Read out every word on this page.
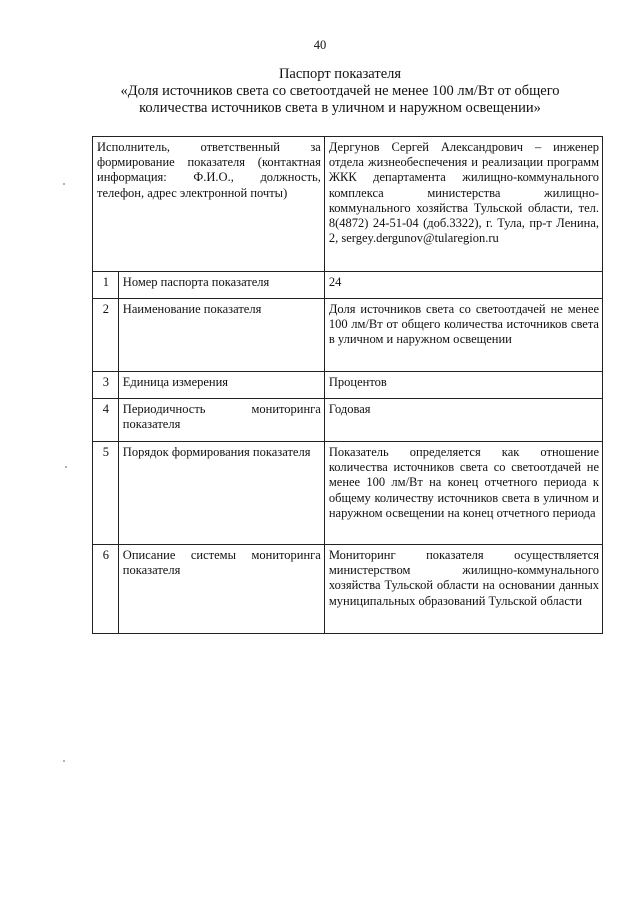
40
Паспорт показателя
«Доля источников света со светоотдачей не менее 100 лм/Вт от общего
количества источников света в уличном и наружном освещении»
Исполнитель, ответственный за формирование показателя (контактная информация: Ф.И.О., должность, телефон, адрес электронной почты)		Дергунов Сергей Александрович – инженер отдела жизнеобеспечения и реализации программ ЖКК департамента жилищно-коммунального комплекса министерства жилищно-коммунального хозяйства Тульской области, тел. 8(4872) 24-51-04 (доб.3322), г. Тула, пр-т Ленина, 2, sergey.dergunov@tularegion.ru
1	Номер паспорта показателя	24
2	Наименование показателя	Доля источников света со светоотдачей не менее 100 лм/Вт от общего количества источников света в уличном и наружном освещении
3	Единица измерения	Процентов
4	Периодичность мониторинга показателя	Годовая
5	Порядок формирования показателя	Показатель определяется как отношение количества источников света со светоотдачей не менее 100 лм/Вт на конец отчетного периода к общему количеству источников света в уличном и наружном освещении на конец отчетного периода
6	Описание системы мониторинга показателя	Мониторинг показателя осуществляется министерством жилищно-коммунального хозяйства Тульской области на основании данных муниципальных образований Тульской области
